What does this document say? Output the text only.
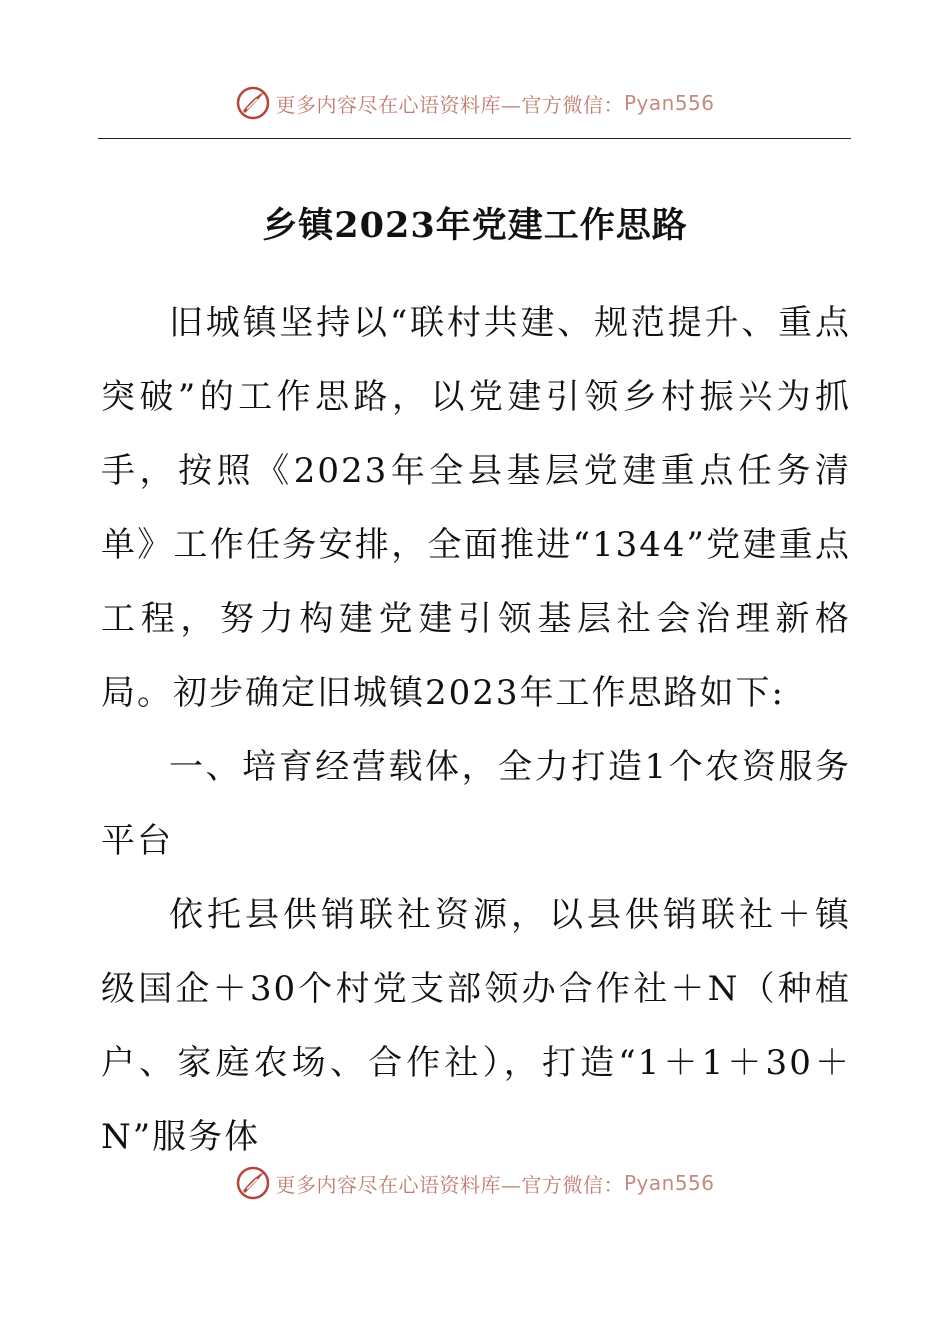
更多内容尽在心语资料库—官方微信： Pyan556
乡镇2023年党建工作思路

旧城镇坚持以“联村共建、规范提升、重点突破”的工作思路，以党建引领乡村振兴为抓手，按照《2023年全县基层党建重点任务清单》工作任务安排，全面推进“1344”党建重点工程，努力构建党建引领基层社会治理新格局。初步确定旧城镇2023年工作思路如下:

一、培育经营载体，全力打造1个农资服务平台

依托县供销联社资源，以县供销联社＋镇级国企＋30个村党支部领办合作社＋N（种植户、家庭农场、合作社），打造“1＋1＋30＋N”服务体

更多内容尽在心语资料库—官方微信： Pyan556
